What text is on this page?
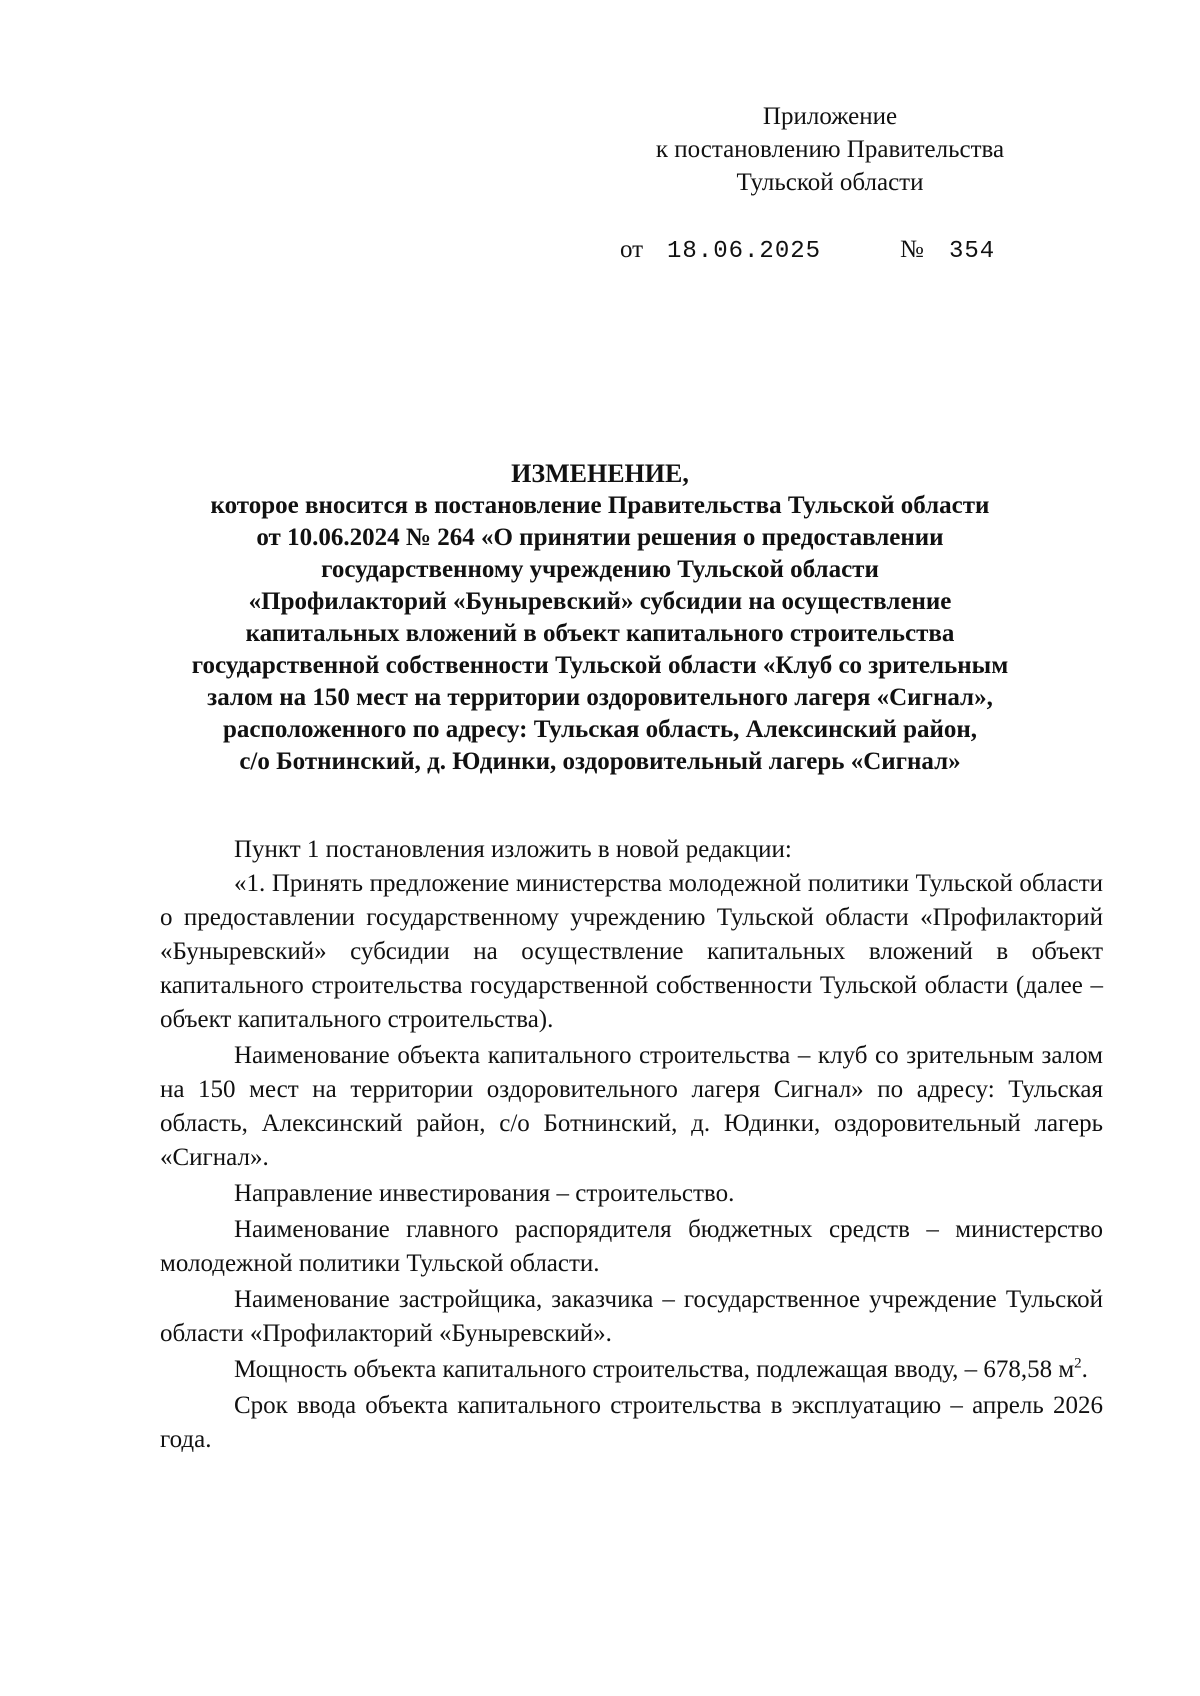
Приложение
к постановлению Правительства
Тульской области
от 18.06.2025	№ 354
ИЗМЕНЕНИЕ,
которое вносится в постановление Правительства Тульской области
от 10.06.2024 № 264 «О принятии решения о предоставлении
государственному учреждению Тульской области
«Профилакторий «Буныревский» субсидии на осуществление
капитальных вложений в объект капитального строительства
государственной собственности Тульской области «Клуб со зрительным
залом на 150 мест на территории оздоровительного лагеря «Сигнал»,
расположенного по адресу: Тульская область, Алексинский район,
с/о Ботнинский, д. Юдинки, оздоровительный лагерь «Сигнал»

Пункт 1 постановления изложить в новой редакции:

«1. Принять предложение министерства молодежной политики Тульской области о предоставлении государственному учреждению Тульской области «Профилакторий «Буныревский» субсидии на осуществление капитальных вложений в объект капитального строительства государственной собственности Тульской области (далее – объект капитального строительства).

Наименование объекта капитального строительства – клуб со зрительным залом на 150 мест на территории оздоровительного лагеря Сигнал» по адресу: Тульская область, Алексинский район, с/о Ботнинский, д. Юдинки, оздоровительный лагерь «Сигнал».

Направление инвестирования – строительство.

Наименование главного распорядителя бюджетных средств – министерство молодежной политики Тульской области.

Наименование застройщика, заказчика – государственное учреждение Тульской области «Профилакторий «Буныревский».

Мощность объекта капитального строительства, подлежащая вводу, – 678,58 $м^2$.

Срок ввода объекта капитального строительства в эксплуатацию – апрель 2026 года.
